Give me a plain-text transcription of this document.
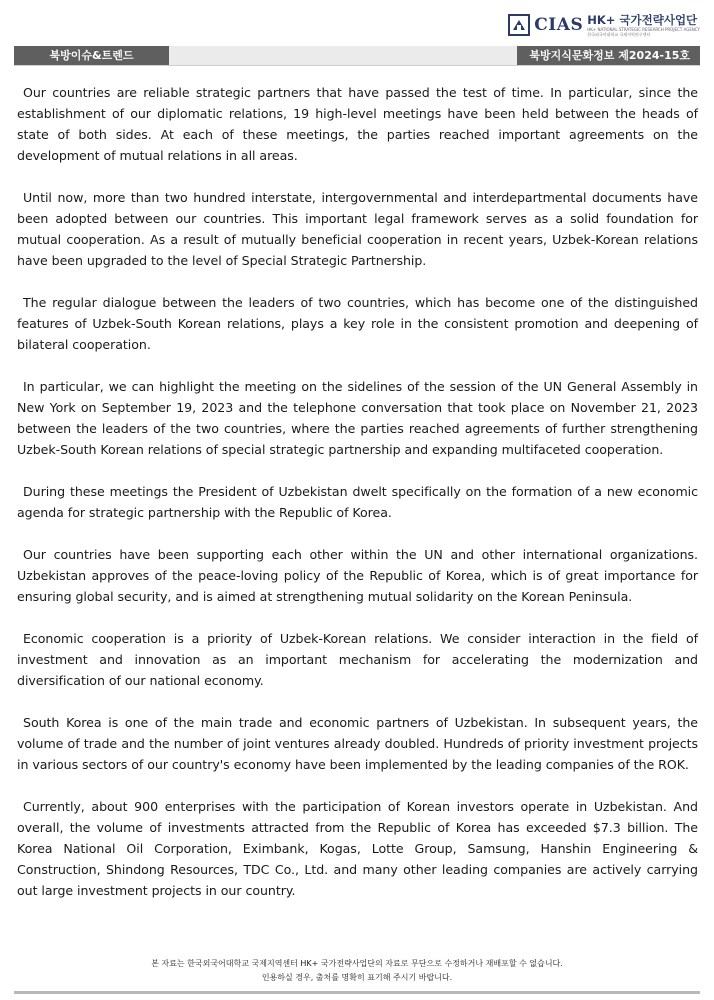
CIAS HK+ 국가전략사업단
HK+ NATIONAL STRATEGIC RESEARCH PROJECT AGENCY
한국외국어대학교 국제지역연구센터
북방이슈&트렌드	북방지식문화정보 제2024-15호

Our countries are reliable strategic partners that have passed the test of time. In particular, since the establishment of our diplomatic relations, 19 high-level meetings have been held between the heads of state of both sides. At each of these meetings, the parties reached important agreements on the development of mutual relations in all areas.

Until now, more than two hundred interstate, intergovernmental and interdepartmental documents have been adopted between our countries. This important legal framework serves as a solid foundation for mutual cooperation. As a result of mutually beneficial cooperation in recent years, Uzbek-Korean relations have been upgraded to the level of Special Strategic Partnership.

The regular dialogue between the leaders of two countries, which has become one of the distinguished features of Uzbek-South Korean relations, plays a key role in the consistent promotion and deepening of bilateral cooperation.

In particular, we can highlight the meeting on the sidelines of the session of the UN General Assembly in New York on September 19, 2023 and the telephone conversation that took place on November 21, 2023 between the leaders of the two countries, where the parties reached agreements of further strengthening Uzbek-South Korean relations of special strategic partnership and expanding multifaceted cooperation.

During these meetings the President of Uzbekistan dwelt specifically on the formation of a new economic agenda for strategic partnership with the Republic of Korea.

Our countries have been supporting each other within the UN and other international organizations. Uzbekistan approves of the peace-loving policy of the Republic of Korea, which is of great importance for ensuring global security, and is aimed at strengthening mutual solidarity on the Korean Peninsula.

Economic cooperation is a priority of Uzbek-Korean relations. We consider interaction in the field of investment and innovation as an important mechanism for accelerating the modernization and diversification of our national economy.

South Korea is one of the main trade and economic partners of Uzbekistan. In subsequent years, the volume of trade and the number of joint ventures already doubled. Hundreds of priority investment projects in various sectors of our country's economy have been implemented by the leading companies of the ROK.

Currently, about 900 enterprises with the participation of Korean investors operate in Uzbekistan. And overall, the volume of investments attracted from the Republic of Korea has exceeded $7.3 billion. The Korea National Oil Corporation, Eximbank, Kogas, Lotte Group, Samsung, Hanshin Engineering & Construction, Shindong Resources, TDC Co., Ltd. and many other leading companies are actively carrying out large investment projects in our country.

본 자료는 한국외국어대학교 국제지역센터 HK+ 국가전략사업단의 자료로 무단으로 수정하거나 재배포할 수 없습니다.
인용하실 경우, 출처를 명확히 표기해 주시기 바랍니다.
